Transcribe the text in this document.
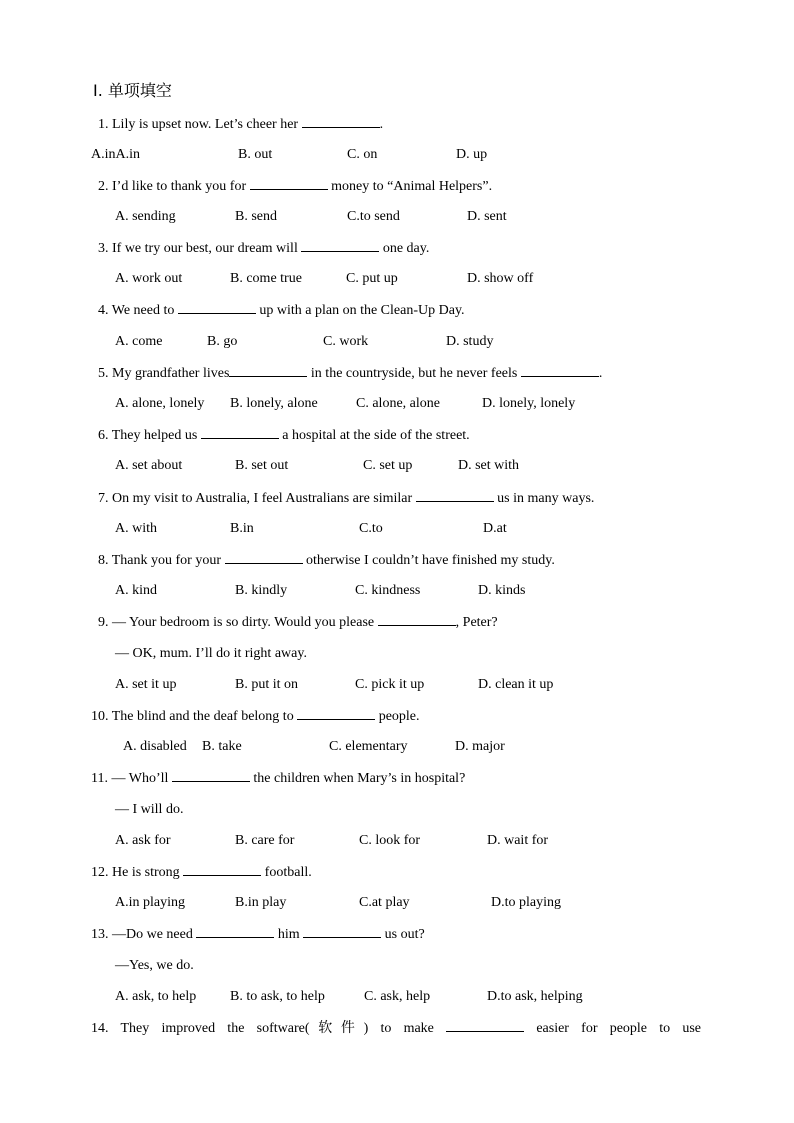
Ⅰ. 单项填空
1. Lily is upset now. Let’s cheer her	.
A.inA.in	B. out	C. on	D. up
2. I’d like to thank you for	money to “Animal Helpers”.
A. sending	B. send	C.to send	D. sent
3. If we try our best, our dream will	one day.
A. work out	B. come true	C. put up	D. show off
4. We need to	up with a plan on the Clean-Up Day.
A. come	B. go	C. work	D. study
5. My grandfather lives	in the countryside, but he never feels	.
A. alone, lonely B. lonely, alone	C. alone, alone	D. lonely, lonely
6. They helped us	a hospital at the side of the street.
A. set about	B. set out	C. set up	D. set with
7. On my visit to Australia, I feel Australians are similar	us in many ways.
A. with	B.in	C.to	D.at
8. Thank you for your	otherwise I couldn’t have finished my study.
A. kind	B. kindly	C. kindness	D. kinds
9. — Your bedroom is so dirty. Would you please	, Peter?
— OK, mum. I’ll do it right away.
A. set it up	B. put it on	C. pick it up	D. clean it up
10. The blind and the deaf belong to	people.
A. disabled B. take	C. elementary	D. major
11. — Who’ll	the children when Mary’s in hospital?
— I will do.
A. ask for	B. care for	C. look for	D. wait for
12. He is strong	football.
A.in playing	B.in play	C.at play	D.to playing
13. —Do we need	him	us out?
—Yes, we do.
A. ask, to help B. to ask, to help	C. ask, help	D.to ask, helping
14. They improved the software(软件) to make	easier for people to use
